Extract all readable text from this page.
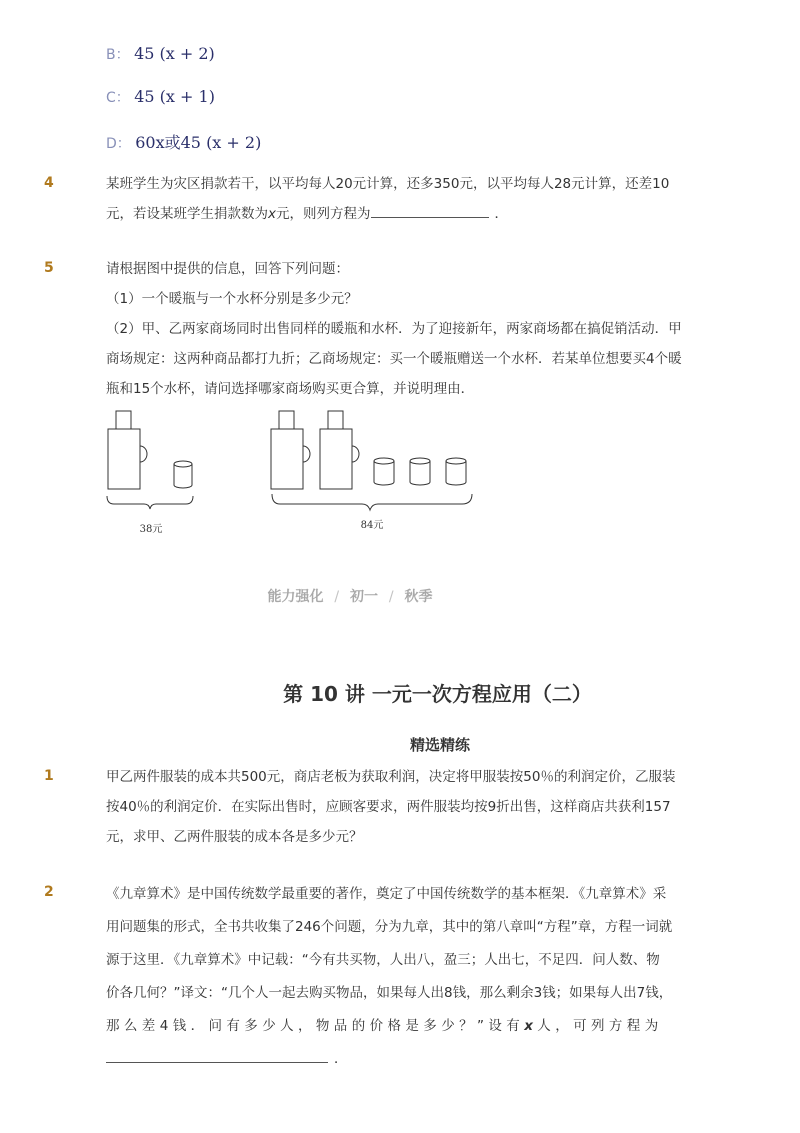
B： 45 (x + 2)
C： 45 (x + 1)
D： 60x或45 (x + 2)
4	某班学生为灾区捐款若干，以平均每人20元计算，还多350元，以平均每人28元计算，还差10
元，若设某班学生捐款数为x元，则列方程为	．
5	请根据图中提供的信息，回答下列问题：
（1）一个暖瓶与一个水杯分别是多少元？
（2）甲、乙两家商场同时出售同样的暖瓶和水杯．为了迎接新年，两家商场都在搞促销活动．甲
商场规定：这两种商品都打九折；乙商场规定：买一个暖瓶赠送一个水杯．若某单位想要买4个暖
瓶和15个水杯，请问选择哪家商场购买更合算，并说明理由．
38元	84元
能力强化 / 初一 / 秋季
第 10 讲 一元一次方程应用（二）
精选精练
1	甲乙两件服装的成本共500元，商店老板为获取利润，决定将甲服装按50％的利润定价，乙服装
按40％的利润定价．在实际出售时，应顾客要求，两件服装均按9折出售，这样商店共获利157
元，求甲、乙两件服装的成本各是多少元？
2	《九章算术》是中国传统数学最重要的著作，奠定了中国传统数学的基本框架．《九章算术》采
用问题集的形式，全书共收集了246个问题，分为九章，其中的第八章叫“方程”章，方程一词就
源于这里．《九章算术》中记载：“今有共买物，人出八，盈三；人出七，不足四．问人数、物
价各几何？”译文：“几个人一起去购买物品，如果每人出8钱，那么剩余3钱；如果每人出7钱，
那么差4钱．问有多少人，物品的价格是多少？”设有x人，可列方程为
．
